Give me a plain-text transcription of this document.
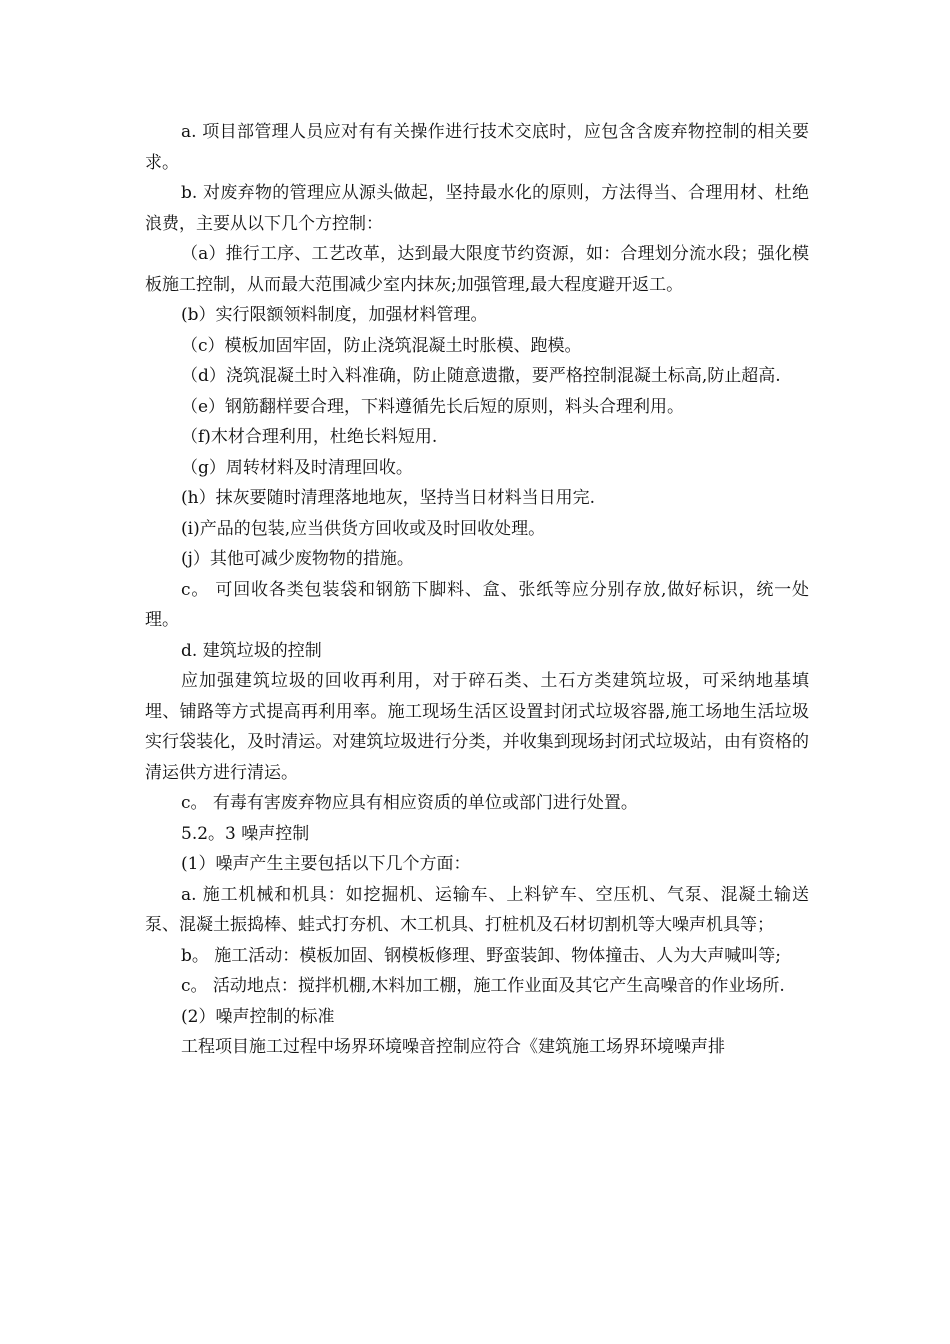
a. 项目部管理人员应对有有关操作进行技术交底时，应包含含废弃物控制的相关要求。

b. 对废弃物的管理应从源头做起，坚持最水化的原则，方法得当、合理用材、杜绝浪费，主要从以下几个方控制：

（a）推行工序、工艺改革，达到最大限度节约资源，如：合理划分流水段；强化模板施工控制，从而最大范围减少室内抹灰;加强管理,最大程度避开返工。

(b）实行限额领料制度，加强材料管理。

（c）模板加固牢固，防止浇筑混凝土时胀模、跑模。

（d）浇筑混凝土时入料准确，防止随意遗撒，要严格控制混凝土标高,防止超高.

（e）钢筋翻样要合理，下料遵循先长后短的原则，料头合理利用。

（f)木材合理利用，杜绝长料短用.

（g）周转材料及时清理回收。

(h）抹灰要随时清理落地地灰，坚持当日材料当日用完.

(i)产品的包装,应当供货方回收或及时回收处理。

(j）其他可减少废物物的措施。

c。 可回收各类包装袋和钢筋下脚料、盒、张纸等应分别存放,做好标识，统一处理。

d. 建筑垃圾的控制

应加强建筑垃圾的回收再利用，对于碎石类、土石方类建筑垃圾，可采纳地基填埋、铺路等方式提高再利用率。施工现场生活区设置封闭式垃圾容器,施工场地生活垃圾实行袋装化，及时清运。对建筑垃圾进行分类，并收集到现场封闭式垃圾站，由有资格的清运供方进行清运。

c。 有毒有害废弃物应具有相应资质的单位或部门进行处置。

5.2。3 噪声控制

(1）噪声产生主要包括以下几个方面：

a. 施工机械和机具：如挖掘机、运输车、上料铲车、空压机、气泵、混凝土输送泵、混凝土振捣棒、蛙式打夯机、木工机具、打桩机及石材切割机等大噪声机具等；

b。 施工活动：模板加固、钢模板修理、野蛮装卸、物体撞击、人为大声喊叫等;

c。 活动地点：搅拌机棚,木料加工棚，施工作业面及其它产生高噪音的作业场所.

(2）噪声控制的标准

工程项目施工过程中场界环境噪音控制应符合《建筑施工场界环境噪声排
